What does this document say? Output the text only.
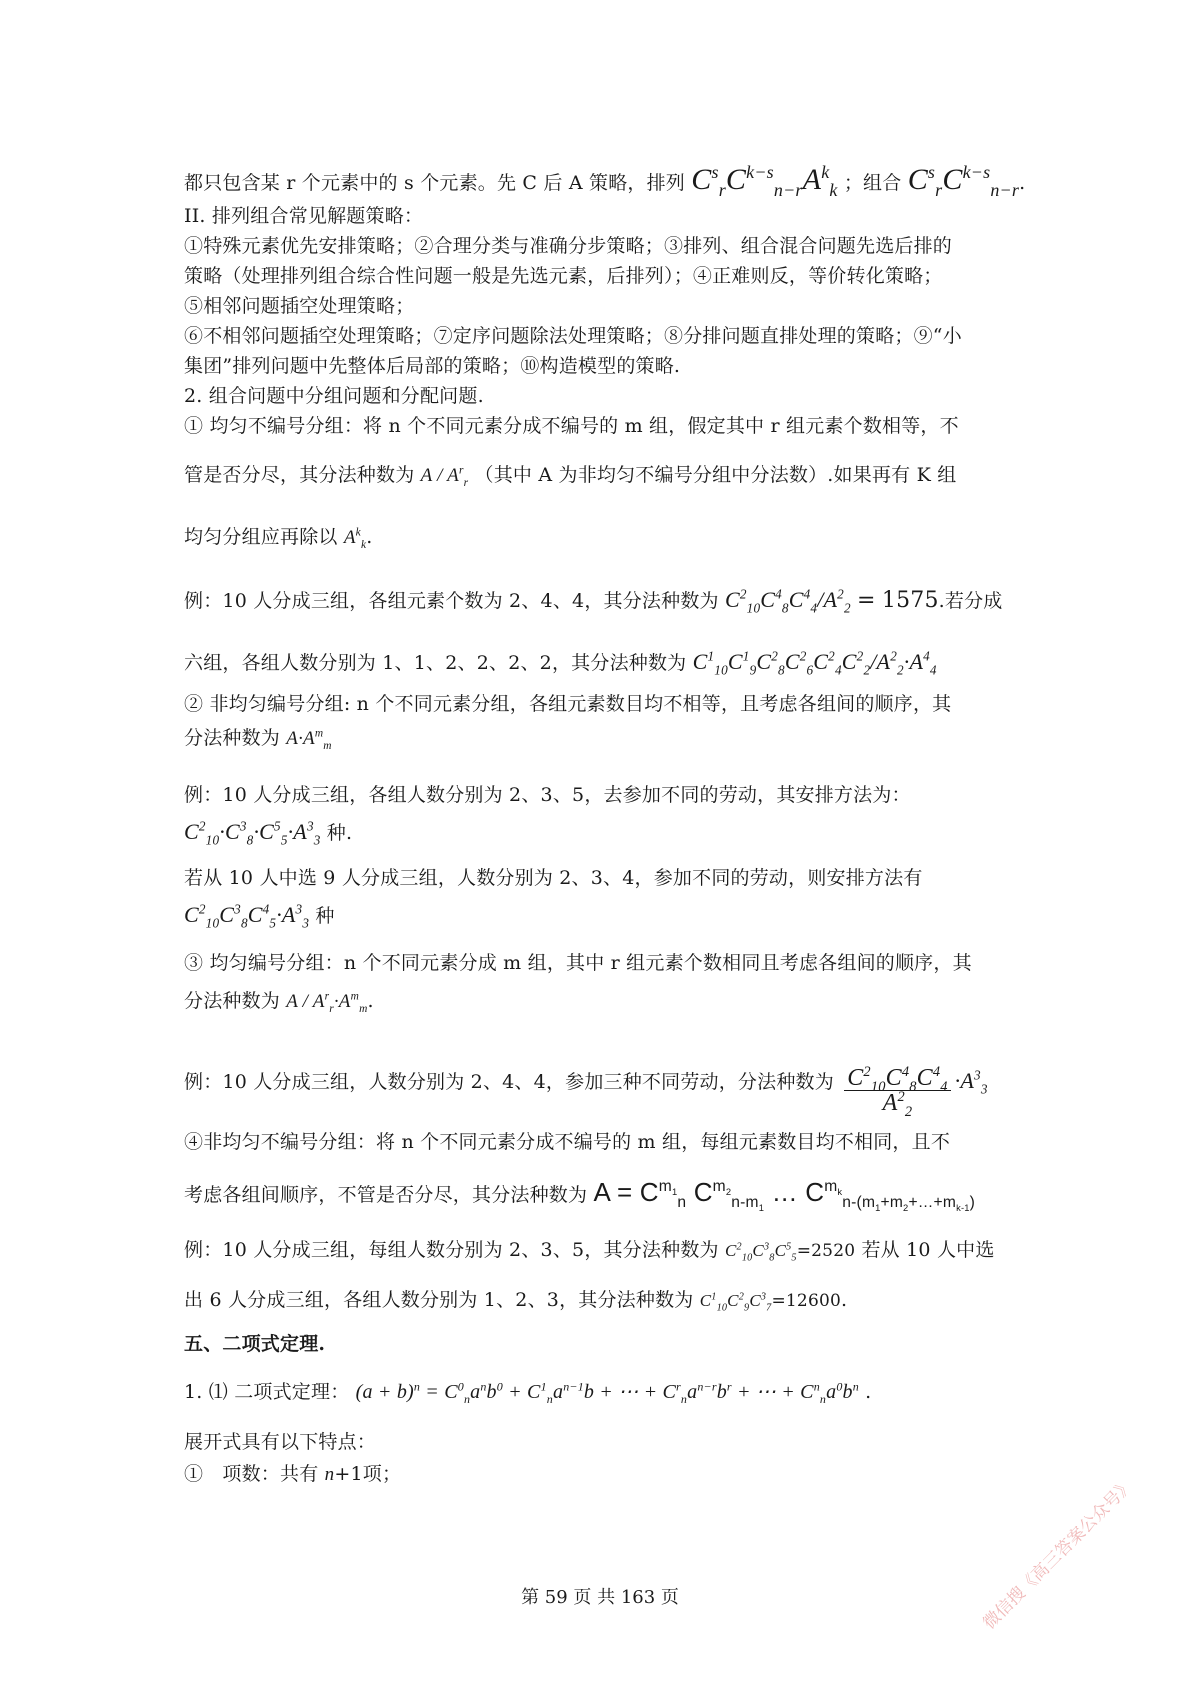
都只包含某 r 个元素中的 s 个元素。先 C 后 A 策略，排列 $C^s_rC^{k-s}_{n-r}A^k_k$ ；组合 $C^s_rC^{k-s}_{n-r}$.
II. 排列组合常见解题策略：
①特殊元素优先安排策略；②合理分类与准确分步策略；③排列、组合混合问题先选后排的
策略（处理排列组合综合性问题一般是先选元素，后排列）；④正难则反，等价转化策略；
⑤相邻问题插空处理策略；
⑥不相邻问题插空处理策略；⑦定序问题除法处理策略；⑧分排问题直排处理的策略；⑨“小
集团”排列问题中先整体后局部的策略；⑩构造模型的策略.
2. 组合问题中分组问题和分配问题.
① 均匀不编号分组：将 n 个不同元素分成不编号的 m 组，假定其中 r 组元素个数相等，不
管是否分尽，其分法种数为 A / $A^r_r$ （其中 A 为非均匀不编号分组中分法数）.如果再有 K 组
均匀分组应再除以 $A^k_k$.
例：10 人分成三组，各组元素个数为 2、4、4，其分法种数为 $C^2_{10}C^4_8C^4_4/A^2_2 = 1575$.若分成
六组，各组人数分别为 1、1、2、2、2、2，其分法种数为 $C^1_{10}C^1_9C^2_8C^2_6C^2_4C^2_2/A^2_2\cdot A^4_4$
② 非均匀编号分组: n 个不同元素分组，各组元素数目均不相等，且考虑各组间的顺序，其
分法种数为 $A\cdot A^m_m$
例：10 人分成三组，各组人数分别为 2、3、5，去参加不同的劳动，其安排方法为：
$C^2_{10}\cdot C^3_8\cdot C^5_5\cdot A^3_3$ 种.
若从 10 人中选 9 人分成三组，人数分别为 2、3、4，参加不同的劳动，则安排方法有
$C^2_{10}C^3_8C^4_5\cdot A^3_3$ 种
③ 均匀编号分组：n 个不同元素分成 m 组，其中 r 组元素个数相同且考虑各组间的顺序，其
分法种数为 $A / A^r_r\cdot A^m_m$.
例：10 人分成三组，人数分别为 2、4、4，参加三种不同劳动，分法种数为 $\frac{C^2_{10}C^4_8C^4_4}{A^2_2} \cdot A^3_3$
④非均匀不编号分组：将 n 个不同元素分成不编号的 m 组，每组元素数目均不相同，且不
考虑各组间顺序，不管是否分尽，其分法种数为 $A = C^{m_1}_n$ $C^{m_2}_{n-m_1}$ … $C^{m_k}_{n-(m_1+m_2+\dots+m_{k-1})}$
例：10 人分成三组，每组人数分别为 2、3、5，其分法种数为 $C^2_{10}C^3_8C^5_5=2520$ 若从 10 人中选
出 6 人分成三组，各组人数分别为 1、2、3，其分法种数为 $C^1_{10}C^2_9C^3_7=12600$.
五、二项式定理.
1. ⑴ 二项式定理： $(a + b)^n = C^0_na^nb^0 + C^1_na^{n-1}b$ + ⋯ + $C^r_na^{n-r}b^r$ + ⋯ + $C^n_na^0b^n$ .
展开式具有以下特点：
①　项数：共有 n+1项；
第 59 页 共 163 页	微信搜《高三答案公众号》
